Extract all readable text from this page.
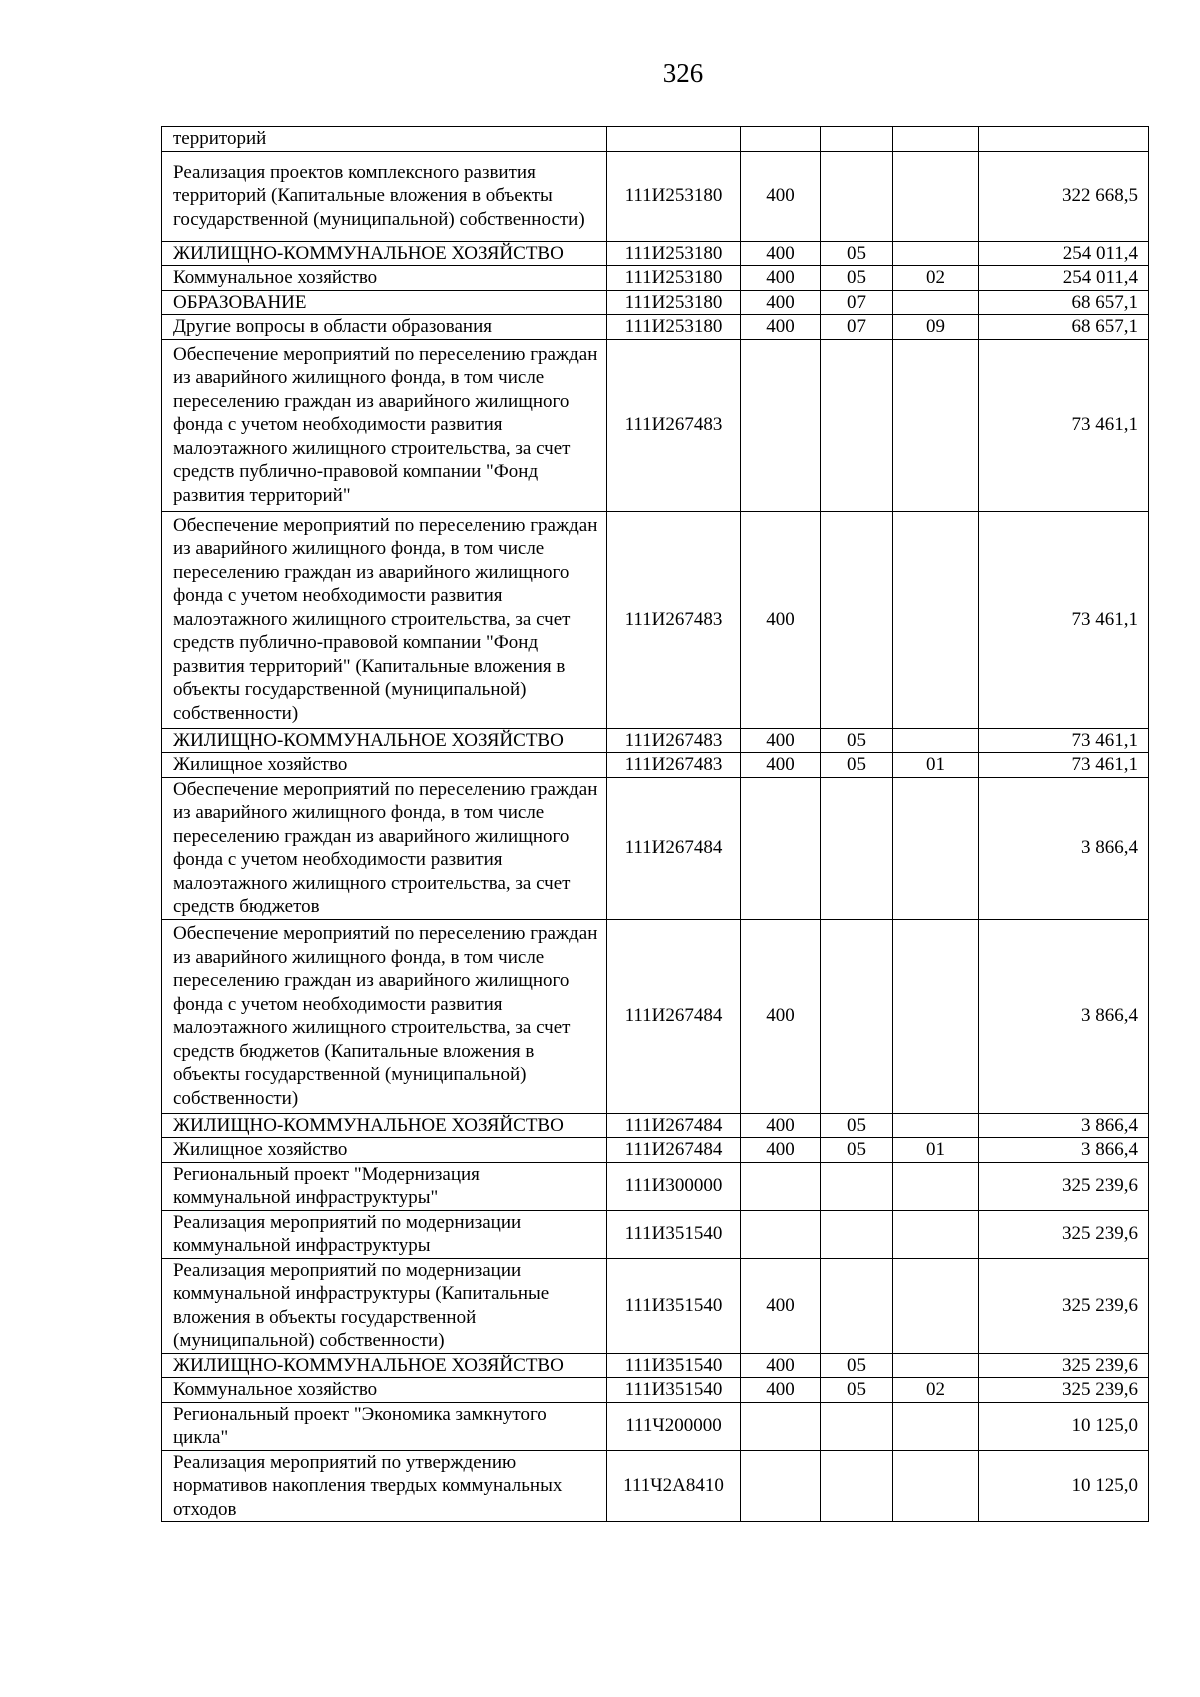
326
территорий					
Реализация проектов комплексного развития территорий (Капитальные вложения в объекты государственной (муниципальной) собственности)	111И253180	400			322 668,5
ЖИЛИЩНО-КОММУНАЛЬНОЕ ХОЗЯЙСТВО	111И253180	400	05		254 011,4
Коммунальное хозяйство	111И253180	400	05	02	254 011,4
ОБРАЗОВАНИЕ	111И253180	400	07		68 657,1
Другие вопросы в области образования	111И253180	400	07	09	68 657,1
Обеспечение мероприятий по переселению граждан из аварийного жилищного фонда, в том числе переселению граждан из аварийного жилищного фонда с учетом необходимости развития малоэтажного жилищного строительства, за счет средств публично-правовой компании "Фонд развития территорий"	111И267483				73 461,1
Обеспечение мероприятий по переселению граждан из аварийного жилищного фонда, в том числе переселению граждан из аварийного жилищного фонда с учетом необходимости развития малоэтажного жилищного строительства, за счет средств публично-правовой компании "Фонд развития территорий" (Капитальные вложения в объекты государственной (муниципальной) собственности)	111И267483	400			73 461,1
ЖИЛИЩНО-КОММУНАЛЬНОЕ ХОЗЯЙСТВО	111И267483	400	05		73 461,1
Жилищное хозяйство	111И267483	400	05	01	73 461,1
Обеспечение мероприятий по переселению граждан из аварийного жилищного фонда, в том числе переселению граждан из аварийного жилищного фонда с учетом необходимости развития малоэтажного жилищного строительства, за счет средств бюджетов	111И267484				3 866,4
Обеспечение мероприятий по переселению граждан из аварийного жилищного фонда, в том числе переселению граждан из аварийного жилищного фонда с учетом необходимости развития малоэтажного жилищного строительства, за счет средств бюджетов (Капитальные вложения в объекты государственной (муниципальной) собственности)	111И267484	400			3 866,4
ЖИЛИЩНО-КОММУНАЛЬНОЕ ХОЗЯЙСТВО	111И267484	400	05		3 866,4
Жилищное хозяйство	111И267484	400	05	01	3 866,4
Региональный проект "Модернизация коммунальной инфраструктуры"	111И300000				325 239,6
Реализация мероприятий по модернизации коммунальной инфраструктуры	111И351540				325 239,6
Реализация мероприятий по модернизации коммунальной инфраструктуры (Капитальные вложения в объекты государственной (муниципальной) собственности)	111И351540	400			325 239,6
ЖИЛИЩНО-КОММУНАЛЬНОЕ ХОЗЯЙСТВО	111И351540	400	05		325 239,6
Коммунальное хозяйство	111И351540	400	05	02	325 239,6
Региональный проект "Экономика замкнутого цикла"	111Ч200000				10 125,0
Реализация мероприятий по утверждению нормативов накопления твердых коммунальных отходов	111Ч2А8410				10 125,0
